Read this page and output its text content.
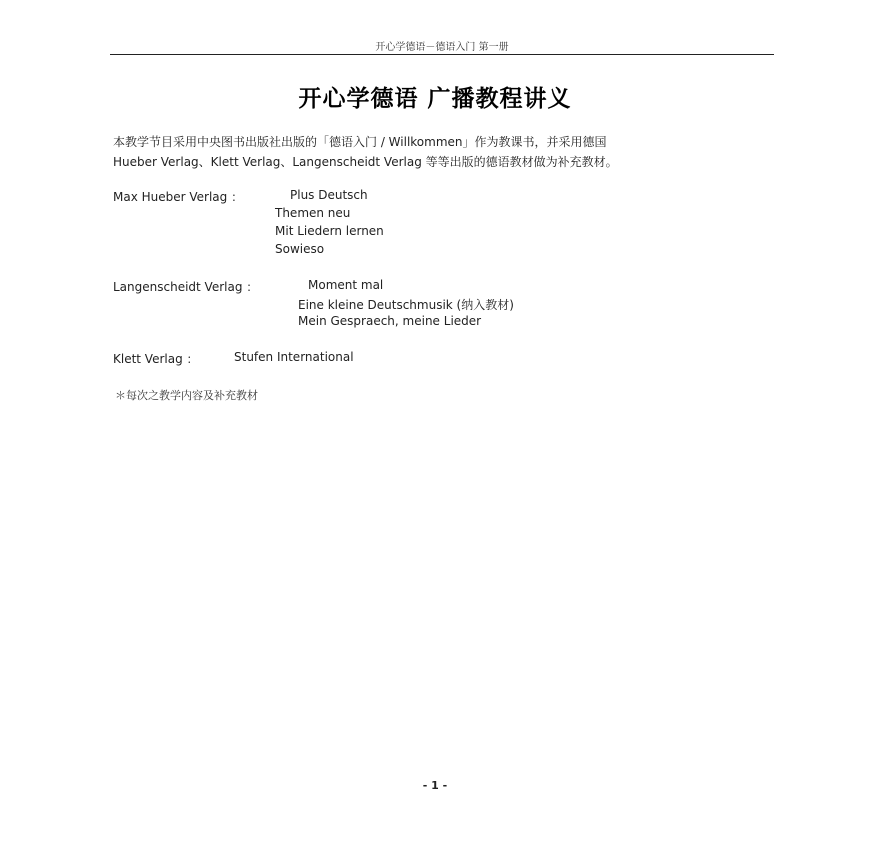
开心学德语－德语入门 第一册
开心学德语 广播教程讲义
本教学节目采用中央图书出版社出版的「德语入门 / Willkommen」作为教课书，并采用德国
Hueber Verlag、Klett Verlag、Langenscheidt Verlag 等等出版的德语教材做为补充教材。
Max Hueber Verlag ：	Plus Deutsch
Themen neu
Mit Liedern lernen
Sowieso
Langenscheidt Verlag ：	Moment mal
Eine kleine Deutschmusik (纳入教材)
Mein Gespraech, meine Lieder
Klett Verlag ：	Stufen International
＊每次之教学内容及补充教材
- 1 -
